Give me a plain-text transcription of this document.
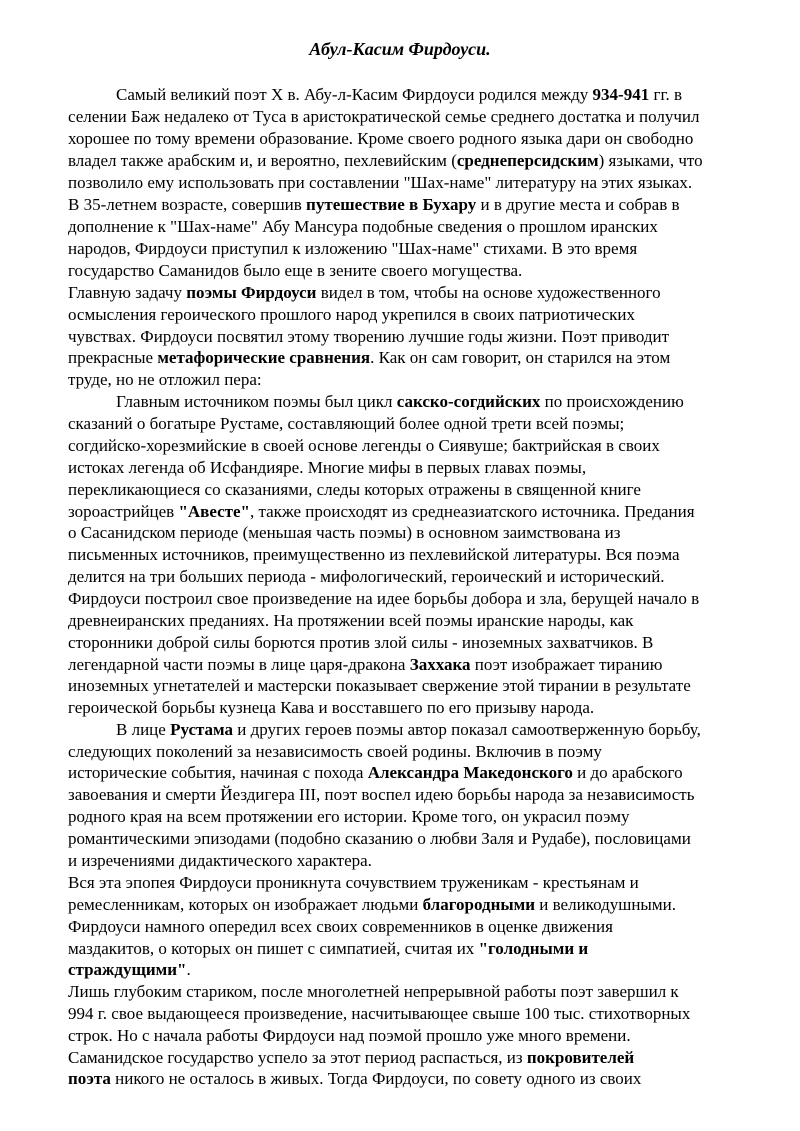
Абул-Касим Фирдоуси.
Самый великий поэт X в. Абу-л-Касим Фирдоуси родился между 934-941 гг. в
селении Баж недалеко от Туса в аристократической семье среднего достатка и получил
хорошее по тому времени образование. Кроме своего родного языка дари он свободно
владел также арабским и, и вероятно, пехлевийским (среднеперсидским) языками, что
позволило ему использовать при составлении "Шах-наме" литературу на этих языках.
В 35-летнем возрасте, совершив путешествие в Бухару и в другие места и собрав в
дополнение к "Шах-наме" Абу Мансура подобные сведения о прошлом иранских
народов, Фирдоуси приступил к изложению "Шах-наме" стихами. В это время
государство Саманидов было еще в зените своего могущества.
Главную задачу поэмы Фирдоуси видел в том, чтобы на основе художественного
осмысления героического прошлого народ укрепился в своих патриотических
чувствах. Фирдоуси посвятил этому творению лучшие годы жизни. Поэт приводит
прекрасные метафорические сравнения. Как он сам говорит, он старился на этом
труде, но не отложил пера:
Главным источником поэмы был цикл сакско-согдийских по происхождению
сказаний о богатыре Рустаме, составляющий более одной трети всей поэмы;
согдийско-хорезмийские в своей основе легенды о Сиявуше; бактрийская в своих
истоках легенда об Исфандияре. Многие мифы в первых главах поэмы,
перекликающиеся со сказаниями, следы которых отражены в священной книге
зороастрийцев "Авесте", также происходят из среднеазиатского источника. Предания
о Сасанидском периоде (меньшая часть поэмы) в основном заимствована из
письменных источников, преимущественно из пехлевийской литературы. Вся поэма
делится на три больших периода - мифологический, героический и исторический.
Фирдоуси построил свое произведение на идее борьбы добора и зла, берущей начало в
древнеиранских преданиях. На протяжении всей поэмы иранские народы, как
сторонники доброй силы борются против злой силы - иноземных захватчиков. В
легендарной части поэмы в лице царя-дракона Заххака поэт изображает тиранию
иноземных угнетателей и мастерски показывает свержение этой тирании в результате
героической борьбы кузнеца Кава и восставшего по его призыву народа.
В лице Рустама и других героев поэмы автор показал самоотверженную борьбу,
следующих поколений за независимость своей родины. Включив в поэму
исторические события, начиная с похода Александра Македонского и до арабского
завоевания и смерти Йездигера III, поэт воспел идею борьбы народа за независимость
родного края на всем протяжении его истории. Кроме того, он украсил поэму
романтическими эпизодами (подобно сказанию о любви Заля и Рудабе), пословицами
и изречениями дидактического характера.
Вся эта эпопея Фирдоуси проникнута сочувствием труженикам - крестьянам и
ремесленникам, которых он изображает людьми благородными и великодушными.
Фирдоуси намного опередил всех своих современников в оценке движения
маздакитов, о которых он пишет с симпатией, считая их "голодными и
страждущими".
Лишь глубоким стариком, после многолетней непрерывной работы поэт завершил к
994 г. свое выдающееся произведение, насчитывающее свыше 100 тыс. стихотворных
строк. Но с начала работы Фирдоуси над поэмой прошло уже много времени.
Саманидское государство успело за этот период распасться, из покровителей
поэта никого не осталось в живых. Тогда Фирдоуси, по совету одного из своих
